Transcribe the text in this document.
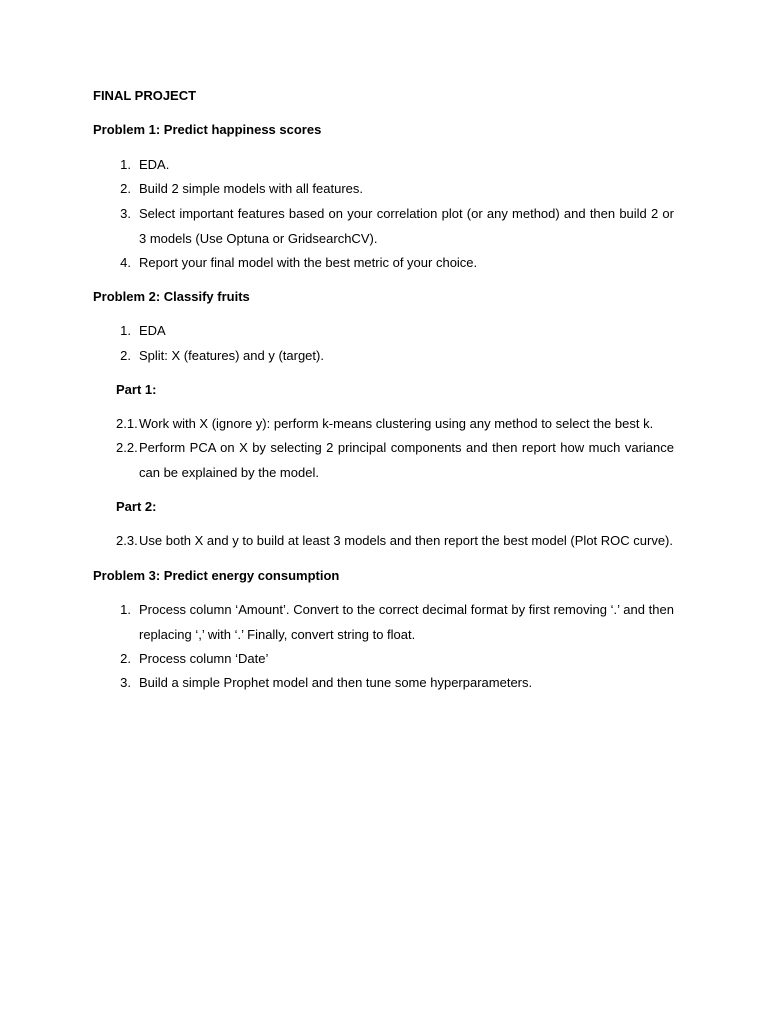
FINAL PROJECT
Problem 1: Predict happiness scores
1. EDA.
2. Build 2 simple models with all features.
3. Select important features based on your correlation plot (or any method) and then build 2 or 3 models (Use Optuna or GridsearchCV).
4. Report your final model with the best metric of your choice.
Problem 2: Classify fruits
1. EDA
2. Split: X (features) and y (target).
Part 1:
2.1. Work with X (ignore y): perform k-means clustering using any method to select the best k.
2.2. Perform PCA on X by selecting 2 principal components and then report how much variance can be explained by the model.
Part 2:
2.3. Use both X and y to build at least 3 models and then report the best model (Plot ROC curve).
Problem 3: Predict energy consumption
1. Process column ‘Amount’. Convert to the correct decimal format by first removing ‘.’ and then replacing ‘,’ with ‘.’ Finally, convert string to float.
2. Process column ‘Date’
3. Build a simple Prophet model and then tune some hyperparameters.
